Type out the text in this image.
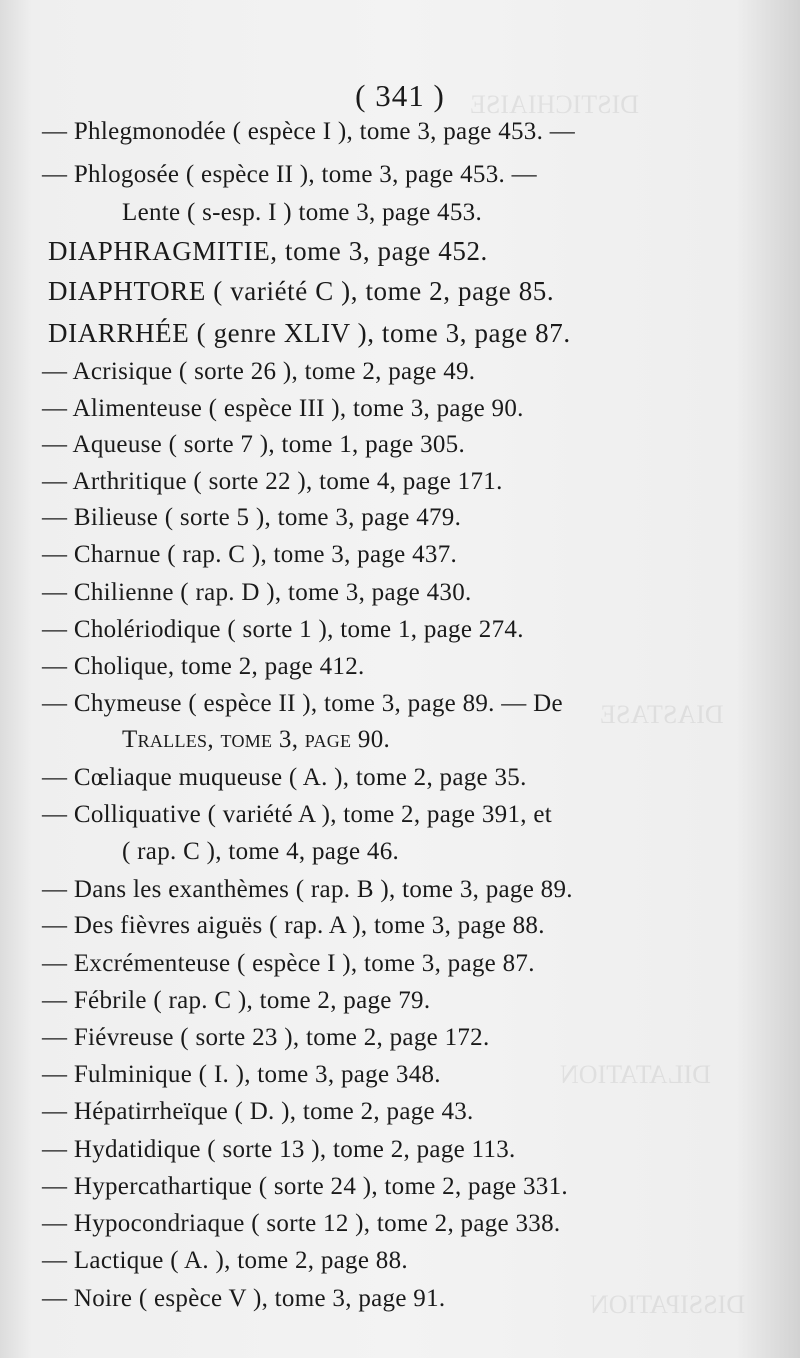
DISTICHIAISE
DIASTASE
DILATATION
DISSIPATION
( 341 )
— Phlegmonodée ( espèce I ), tome 3, page 453. —
— Phlogosée ( espèce II ), tome 3, page 453. —
Lente ( s-esp. I ) tome 3, page 453.
DIAPHRAGMITIE, tome 3, page 452.
DIAPHTORE ( variété C ), tome 2, page 85.
DIARRHÉE ( genre XLIV ), tome 3, page 87.
— Acrisique ( sorte 26 ), tome 2, page 49.
— Alimenteuse ( espèce III ), tome 3, page 90.
— Aqueuse ( sorte 7 ), tome 1, page 305.
— Arthritique ( sorte 22 ), tome 4, page 171.
— Bilieuse ( sorte 5 ), tome 3, page 479.
— Charnue ( rap. C ), tome 3, page 437.
— Chilienne ( rap. D ), tome 3, page 430.
— Cholériodique ( sorte 1 ), tome 1, page 274.
— Cholique, tome 2, page 412.
— Chymeuse ( espèce II ), tome 3, page 89. — De
Tralles, tome 3, page 90.
— Cœliaque muqueuse ( A. ), tome 2, page 35.
— Colliquative ( variété A ), tome 2, page 391, et
( rap. C ), tome 4, page 46.
— Dans les exanthèmes ( rap. B ), tome 3, page 89.
— Des fièvres aiguës ( rap. A ), tome 3, page 88.
— Excrémenteuse ( espèce I ), tome 3, page 87.
— Fébrile ( rap. C ), tome 2, page 79.
— Fiévreuse ( sorte 23 ), tome 2, page 172.
— Fulminique ( I. ), tome 3, page 348.
— Hépatirrheïque ( D. ), tome 2, page 43.
— Hydatidique ( sorte 13 ), tome 2, page 113.
— Hypercathartique ( sorte 24 ), tome 2, page 331.
— Hypocondriaque ( sorte 12 ), tome 2, page 338.
— Lactique ( A. ), tome 2, page 88.
— Noire ( espèce V ), tome 3, page 91.
